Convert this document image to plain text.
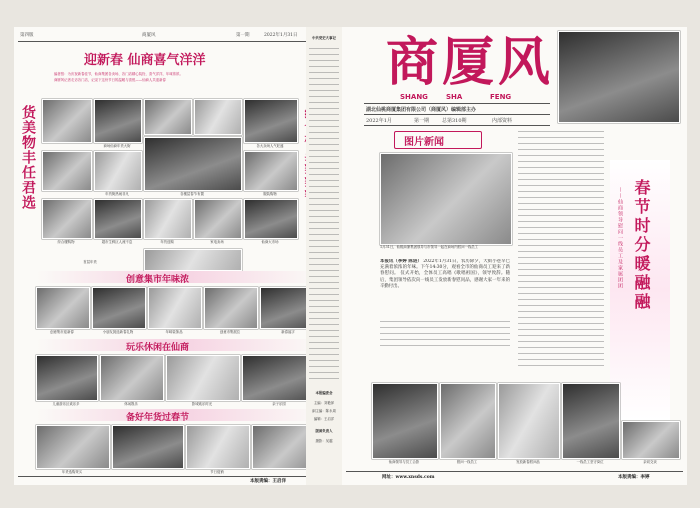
第四版	商厦风	第一期	2022年1月31日
迎新春 仙商喜气洋洋
编者按：为庆祝新春佳节，仙商集团各卖场、各门店精心装扮，喜气洋洋，年味浓浓。
商厦风记者走访各门店，记录下这份节日的温暖与喜悦——仙商人共迎新春
货美物丰任君选	商场仙商年货大街	各大卖场人气旺盛
年货街热闹非凡	各楼层春节布置	服装购物
综合楼购物	超市生鲜区人流不息	年货选购	家电卖场	仙商大市场
首层年货
创意集市年味浓
创意集市迎新春	小朋友挑选新春礼物	年味装饰品	创意市集展位	新春福字
玩乐休闲在仙商
儿童游乐区欢乐多	休闲娱乐	影城欢乐时光	亲子乐园
备好年货过春节
年货选购采买	节日促销
本版责编：王启洋
中共党史大事记
本报编委会
主编：刘艳萍
副主编：陈永周
编辑：王启洋
版面负责人
摄影：吴越
商厦风
SHANG	SHA	FENG
湖北仙桃商厦集团有限公司（商厦风）编辑部主办
2022年1月	第一期	总第310期	内部资料
图片新闻
1月31日，仙桃商厦集团领导与市领导一起在商场内慰问一线员工
本报讯（李婷 陈进） 2022年1月31日，农历除夕，大街小巷早已充满着浓浓的年味。下午14:30分，观看全市的仙商员工迎来了新春慰问。 仪式开始，全体员工高唱《歌唱祖国》，领导致辞。随后，集团领导依次向一线员工发放新春慰问品，感谢大家一年来的辛勤付出。	春节时分暖融融
——仙商领导慰问一线员工及家属团团
仙商领导与员工合影	慰问一线员工	发放新春慰问品	一线员工坚守岗位	亲切交谈
网址：www.xnsds.com	本版责编：李婷
